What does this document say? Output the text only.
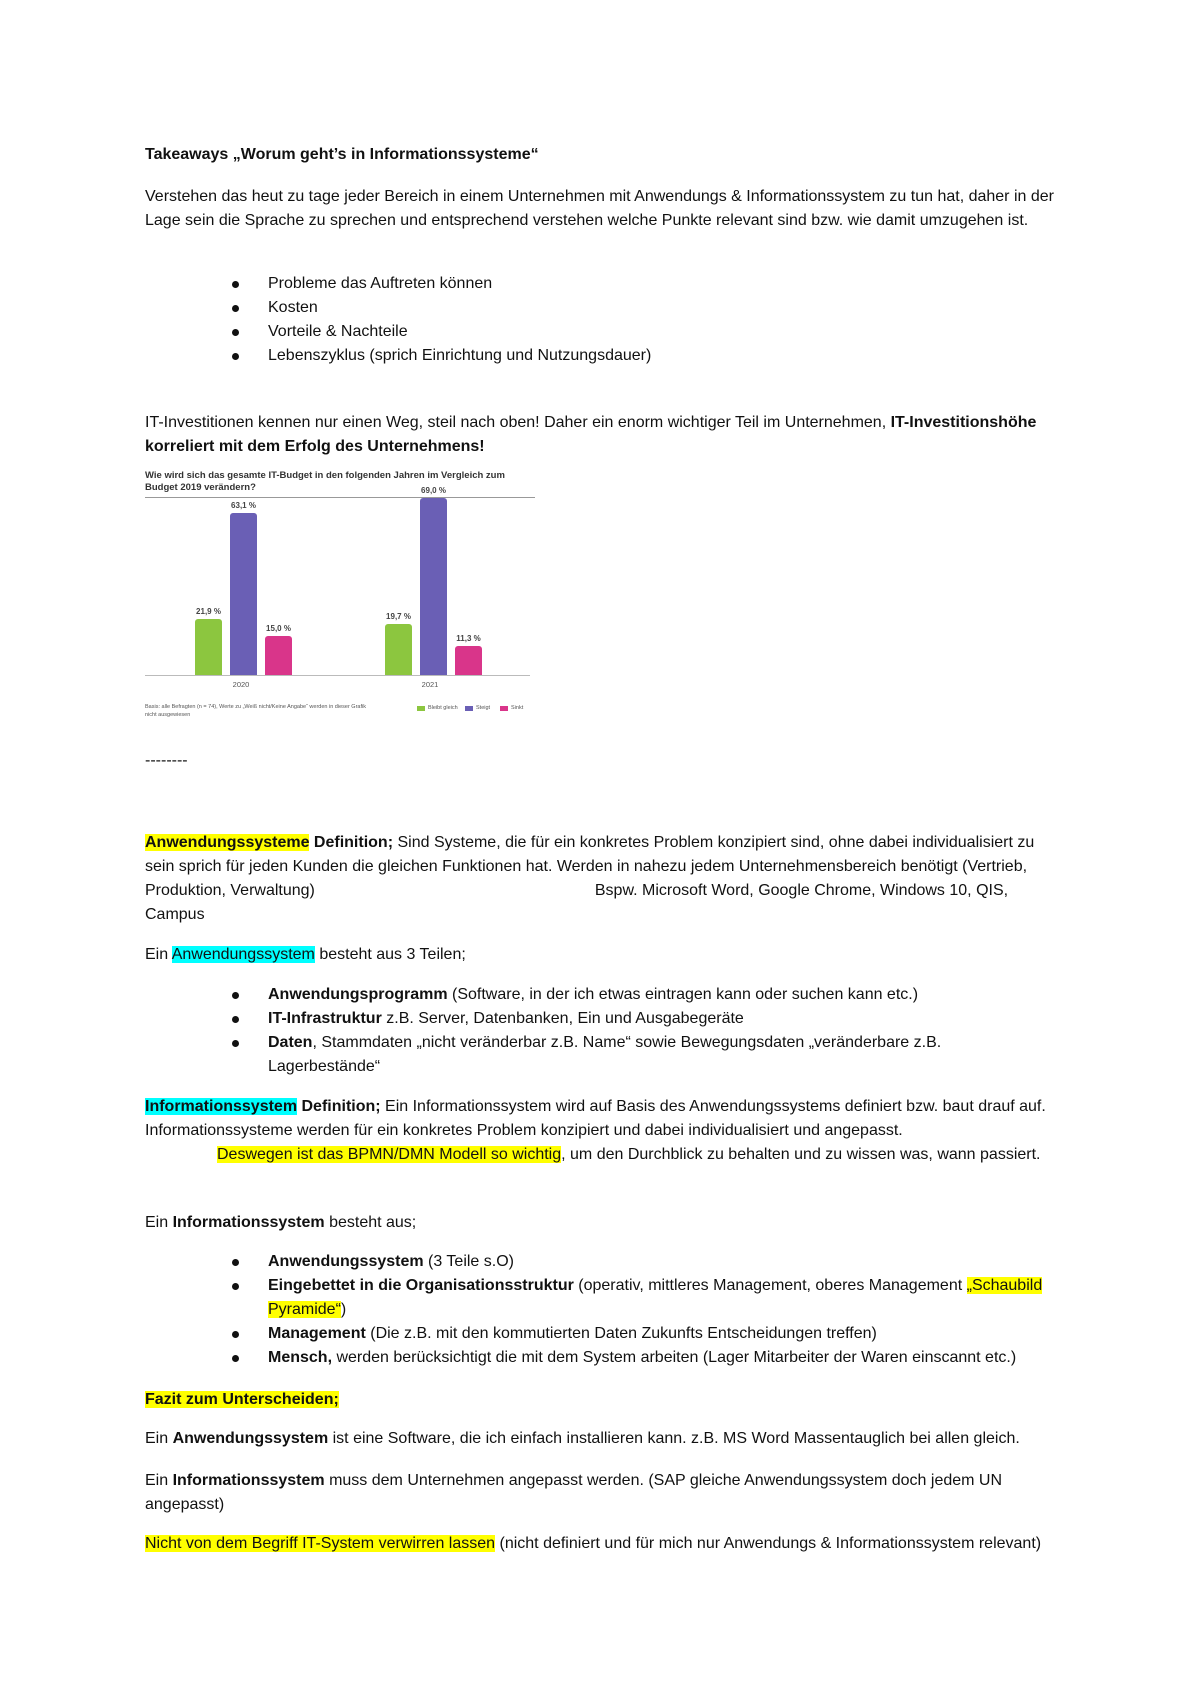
Takeaways „Worum geht’s in Informationssysteme“

Verstehen das heut zu tage jeder Bereich in einem Unternehmen mit Anwendungs & Informationssystem zu tun hat, daher in der Lage sein die Sprache zu sprechen und entsprechend verstehen welche Punkte relevant sind bzw. wie damit umzugehen ist.

Probleme das Auftreten können
Kosten
Vorteile & Nachteile
Lebenszyklus (sprich Einrichtung und Nutzungsdauer)

IT-Investitionen kennen nur einen Weg, steil nach oben! Daher ein enorm wichtiger Teil im Unternehmen, IT-Investitionshöhe korreliert mit dem Erfolg des Unternehmens!

Wie wird sich das gesamte IT-Budget in den folgenden Jahren im Vergleich zum Budget 2019 verändern?
21,9 %
63,1 %
15,0 %
19,7 %
69,0 %
11,3 %
2020	2021
Basis: alle Befragten (n = 74), Werte zu „Weiß nicht/Keine Angabe“ werden in dieser Grafik nicht ausgewiesen
Bleibt gleich	Steigt	Sinkt

--------

Anwendungssysteme Definition; Sind Systeme, die für ein konkretes Problem konzipiert sind, ohne dabei individualisiert zu sein sprich für jeden Kunden die gleichen Funktionen hat. Werden in nahezu jedem Unternehmensbereich benötigt (Vertrieb, Produktion, Verwaltung)	Bspw. Microsoft Word, Google Chrome, Windows 10, QIS, Campus

Ein Anwendungssystem besteht aus 3 Teilen;

Anwendungsprogramm (Software, in der ich etwas eintragen kann oder suchen kann etc.)
IT-Infrastruktur z.B. Server, Datenbanken, Ein und Ausgabegeräte
Daten, Stammdaten „nicht veränderbar z.B. Name“ sowie Bewegungsdaten „veränderbare z.B. Lagerbestände“

Informationssystem Definition; Ein Informationssystem wird auf Basis des Anwendungssystems definiert bzw. baut drauf auf. Informationssysteme werden für ein konkretes Problem konzipiert und dabei individualisiert und angepasst.

Deswegen ist das BPMN/DMN Modell so wichtig, um den Durchblick zu behalten und zu wissen was, wann passiert.

Ein Informationssystem besteht aus;

Anwendungssystem (3 Teile s.O)
Eingebettet in die Organisationsstruktur (operativ, mittleres Management, oberes Management „Schaubild Pyramide“)
Management (Die z.B. mit den kommutierten Daten Zukunfts Entscheidungen treffen)
Mensch, werden berücksichtigt die mit dem System arbeiten (Lager Mitarbeiter der Waren einscannt etc.)

Fazit zum Unterscheiden;

Ein Anwendungssystem ist eine Software, die ich einfach installieren kann. z.B. MS Word Massentauglich bei allen gleich.

Ein Informationssystem muss dem Unternehmen angepasst werden. (SAP gleiche Anwendungssystem doch jedem UN angepasst)

Nicht von dem Begriff IT-System verwirren lassen (nicht definiert und für mich nur Anwendungs & Informationssystem relevant)
